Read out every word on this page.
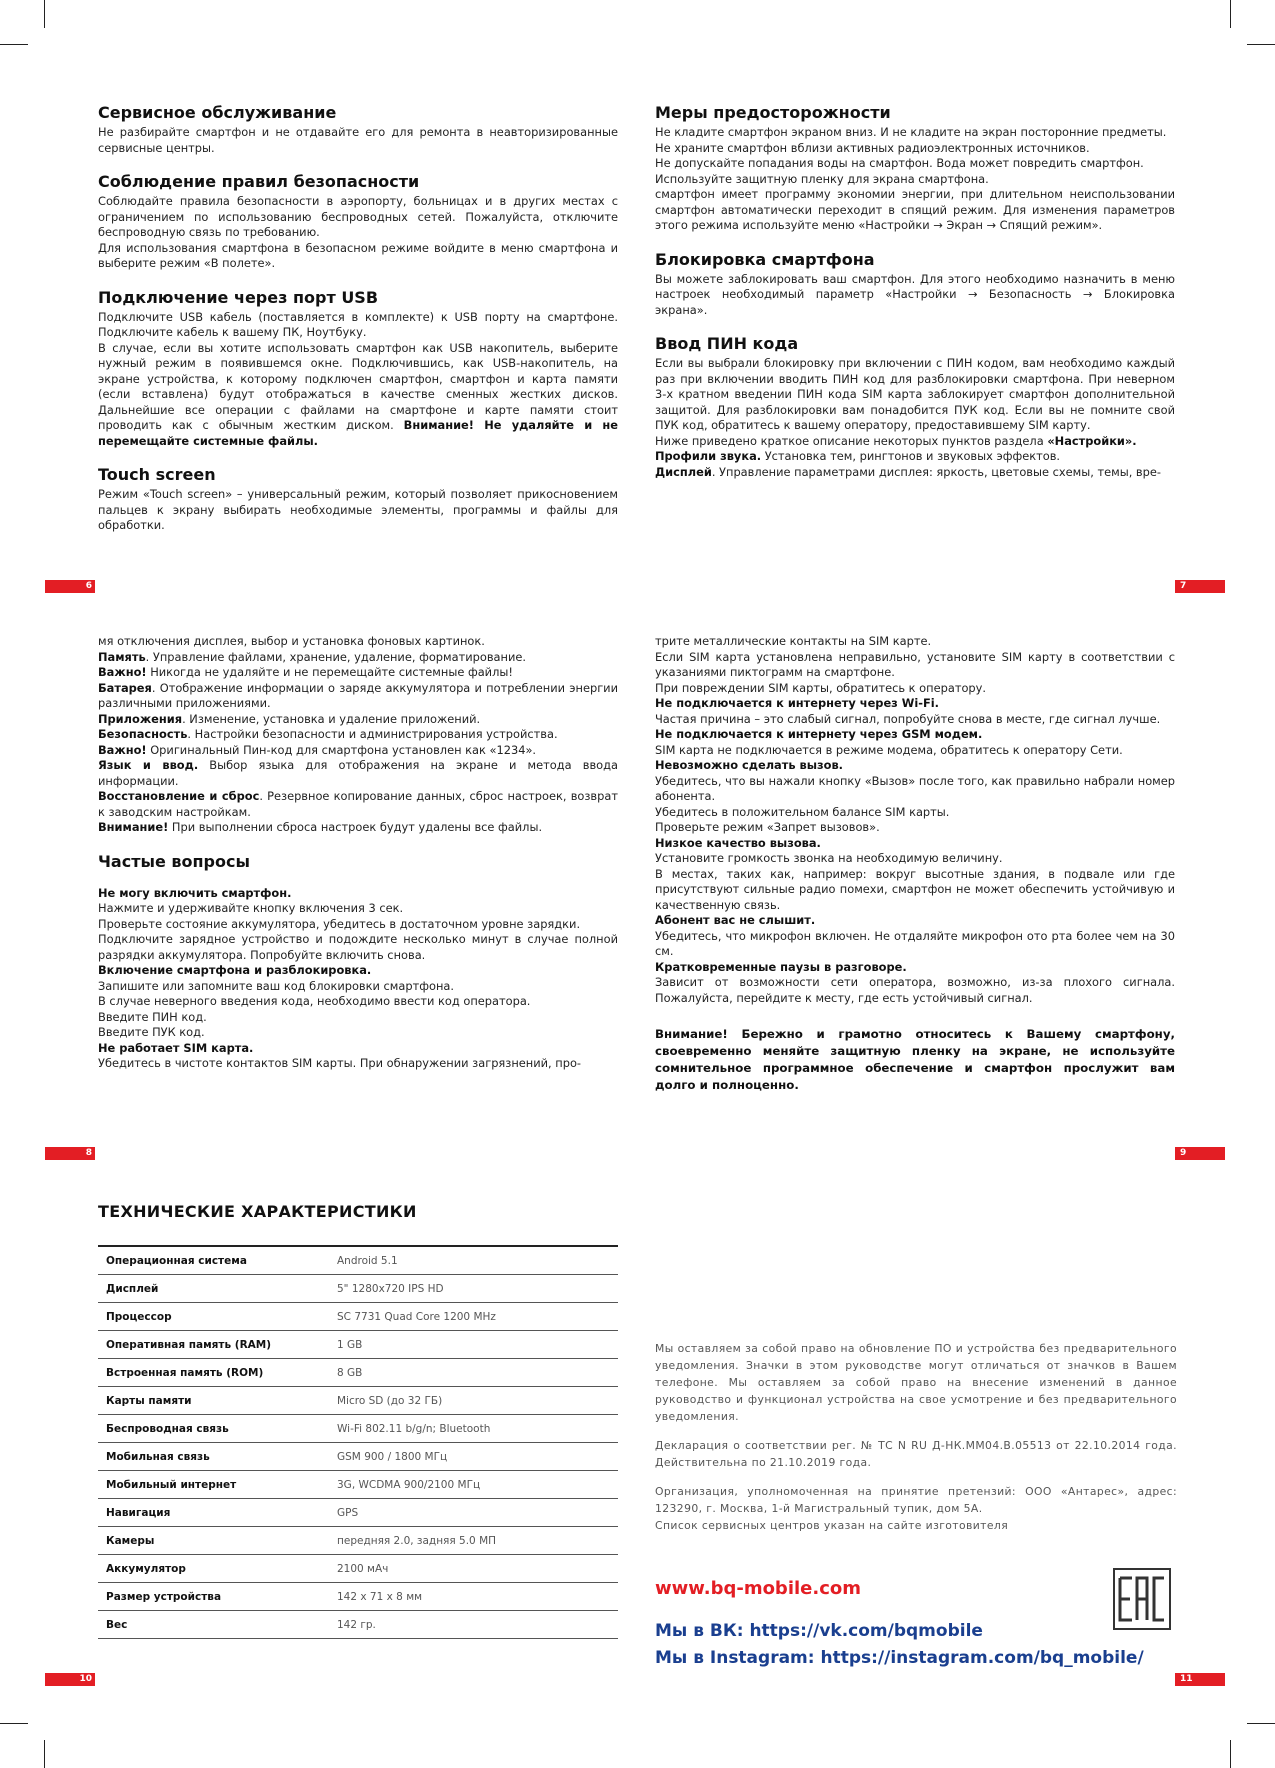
Сервисное обслуживание

Не разбирайте смартфон и не отдавайте его для ремонта в неавторизированные сервисные центры.

Соблюдение правил безопасности

Соблюдайте правила безопасности в аэропорту, больницах и в других местах с ограничением по использованию беспроводных сетей. Пожалуйста, отключите беспроводную связь по требованию.

Для использования смартфона в безопасном режиме войдите в меню смартфона и выберите режим «В полете».

Подключение через порт USB

Подключите USB кабель (поставляется в комплекте) к USB порту на смартфоне. Подключите кабель к вашему ПК, Ноутбуку.

В случае, если вы хотите использовать смартфон как USB накопитель, выберите нужный режим в появившемся окне. Подключившись, как USB-накопитель, на экране устройства, к которому подключен смартфон, смартфон и карта памяти (если вставлена) будут отображаться в качестве сменных жестких дисков. Дальнейшие все операции с файлами на смартфоне и карте памяти стоит проводить как с обычным жестким диском. Внимание! Не удаляйте и не перемещайте системные файлы.

Touch screen

Режим «Touch screen» – универсальный режим, который позволяет прикосновением пальцев к экрану выбирать необходимые элементы, программы и файлы для обработки.

6
Меры предосторожности

Не кладите смартфон экраном вниз. И не кладите на экран посторонние предметы.

Не храните смартфон вблизи активных радиоэлектронных источников.

Не допускайте попадания воды на смартфон. Вода может повредить смартфон.

Используйте защитную пленку для экрана смартфона.

смартфон имеет программу экономии энергии, при длительном неиспользовании смартфон автоматически переходит в спящий режим. Для изменения параметров этого режима используйте меню «Настройки → Экран → Спящий режим».

Блокировка смартфона

Вы можете заблокировать ваш смартфон. Для этого необходимо назначить в меню настроек необходимый параметр «Настройки → Безопасность → Блокировка экрана».

Ввод ПИН кода

Если вы выбрали блокировку при включении с ПИН кодом, вам необходимо каждый раз при включении вводить ПИН код для разблокировки смартфона. При неверном 3-х кратном введении ПИН кода SIM карта заблокирует смартфон дополнительной защитой. Для разблокировки вам понадобится ПУК код. Если вы не помните свой ПУК код, обратитесь к вашему оператору, предоставившему SIM карту.

Ниже приведено краткое описание некоторых пунктов раздела «Настройки».

Профили звука. Установка тем, рингтонов и звуковых эффектов.

Дисплей. Управление параметрами дисплея: яркость, цветовые схемы, темы, вре-

7

мя отключения дисплея, выбор и установка фоновых картинок.

Память. Управление файлами, хранение, удаление, форматирование.

Важно! Никогда не удаляйте и не перемещайте системные файлы!

Батарея. Отображение информации о заряде аккумулятора и потреблении энергии различными приложениями.

Приложения. Изменение, установка и удаление приложений.

Безопасность. Настройки безопасности и администрирования устройства.

Важно! Оригинальный Пин-код для смартфона установлен как «1234».

Язык и ввод. Выбор языка для отображения на экране и метода ввода информации.

Восстановление и сброс. Резервное копирование данных, сброс настроек, возврат к заводским настройкам.

Внимание! При выполнении сброса настроек будут удалены все файлы.

Частые вопросы

Не могу включить смартфон.

Нажмите и удерживайте кнопку включения 3 сек.

Проверьте состояние аккумулятора, убедитесь в достаточном уровне зарядки.

Подключите зарядное устройство и подождите несколько минут в случае полной разрядки аккумулятора. Попробуйте включить снова.

Включение смартфона и разблокировка.

Запишите или запомните ваш код блокировки смартфона.

В случае неверного введения кода, необходимо ввести код оператора.

Введите ПИН код.

Введите ПУК код.

Не работает SIM карта.

Убедитесь в чистоте контактов SIM карты. При обнаружении загрязнений, про-

8

трите металлические контакты на SIM карте.

Если SIM карта установлена неправильно, установите SIM карту в соответствии с указаниями пиктограмм на смартфоне.

При повреждении SIM карты, обратитесь к оператору.

Не подключается к интернету через Wi-Fi.

Частая причина – это слабый сигнал, попробуйте снова в месте, где сигнал лучше.

Не подключается к интернету через GSM модем.

SIM карта не подключается в режиме модема, обратитесь к оператору Сети.

Невозможно сделать вызов.

Убедитесь, что вы нажали кнопку «Вызов» после того, как правильно набрали номер абонента.

Убедитесь в положительном балансе SIM карты.

Проверьте режим «Запрет вызовов».

Низкое качество вызова.

Установите громкость звонка на необходимую величину.

В местах, таких как, например: вокруг высотные здания, в подвале или где присутствуют сильные радио помехи, смартфон не может обеспечить устойчивую и качественную связь.

Абонент вас не слышит.

Убедитесь, что микрофон включен. Не отдаляйте микрофон ото рта более чем на 30 см.

Кратковременные паузы в разговоре.

Зависит от возможности сети оператора, возможно, из-за плохого сигнала. Пожалуйста, перейдите к месту, где есть устойчивый сигнал.

Внимание! Бережно и грамотно относитесь к Вашему смартфону, своевременно меняйте защитную пленку на экране, не используйте сомнительное программное обеспечение и смартфон прослужит вам долго и полноценно.

9
ТЕХНИЧЕСКИЕ ХАРАКТЕРИСТИКИ
Операционная система	Android 5.1
Дисплей	5" 1280x720 IPS HD
Процессор	SC 7731 Quad Core 1200 MHz
Оперативная память (RAM)	1 GB
Встроенная память (ROM)	8 GB
Карты памяти	Micro SD (до 32 ГБ)
Беспроводная связь	Wi-Fi 802.11 b/g/n; Bluetooth
Мобильная связь	GSM 900 / 1800 МГц
Мобильный интернет	3G, WCDMA 900/2100 МГц
Навигация	GPS
Камеры	передняя 2.0, задняя 5.0 МП
Аккумулятор	2100 мАч
Размер устройства	142 x 71 x 8 мм
Вес	142 гр.
10

Мы оставляем за собой право на обновление ПО и устройства без предварительного уведомления. Значки в этом руководстве могут отличаться от значков в Вашем телефоне. Мы оставляем за собой право на внесение изменений в данное руководство и функционал устройства на свое усмотрение и без предварительного уведомления.

Декларация о соответствии рег. № ТС N RU Д-НК.ММ04.В.05513 от 22.10.2014 года. Действительна по 21.10.2019 года.

Организация, уполномоченная на принятие претензий: ООО «Антарес», адрес: 123290, г. Москва, 1-й Магистральный тупик, дом 5А.
Список сервисных центров указан на сайте изготовителя

www.bq-mobile.com
Мы в ВК: https://vk.com/bqmobile
Мы в Instagram: https://instagram.com/bq_mobile/
11
